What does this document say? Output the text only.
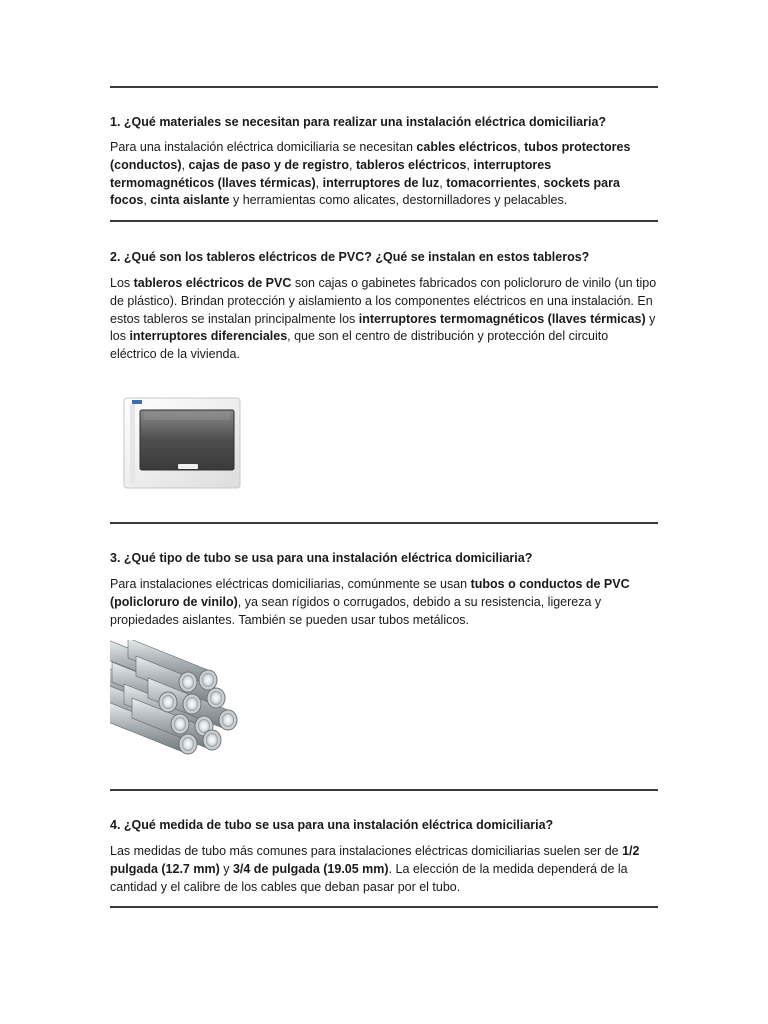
1. ¿Qué materiales se necesitan para realizar una instalación eléctrica domiciliaria?
Para una instalación eléctrica domiciliaria se necesitan cables eléctricos, tubos protectores (conductos), cajas de paso y de registro, tableros eléctricos, interruptores termomagnéticos (llaves térmicas), interruptores de luz, tomacorrientes, sockets para focos, cinta aislante y herramientas como alicates, destornilladores y pelacables.
2. ¿Qué son los tableros eléctricos de PVC? ¿Qué se instalan en estos tableros?
Los tableros eléctricos de PVC son cajas o gabinetes fabricados con policloruro de vinilo (un tipo de plástico). Brindan protección y aislamiento a los componentes eléctricos en una instalación. En estos tableros se instalan principalmente los interruptores termomagnéticos (llaves térmicas) y los interruptores diferenciales, que son el centro de distribución y protección del circuito eléctrico de la vivienda.
3. ¿Qué tipo de tubo se usa para una instalación eléctrica domiciliaria?
Para instalaciones eléctricas domiciliarias, comúnmente se usan tubos o conductos de PVC (policloruro de vinilo), ya sean rígidos o corrugados, debido a su resistencia, ligereza y propiedades aislantes. También se pueden usar tubos metálicos.
4. ¿Qué medida de tubo se usa para una instalación eléctrica domiciliaria?
Las medidas de tubo más comunes para instalaciones eléctricas domiciliarias suelen ser de 1/2 pulgada (12.7 mm) y 3/4 de pulgada (19.05 mm). La elección de la medida dependerá de la cantidad y el calibre de los cables que deban pasar por el tubo.
